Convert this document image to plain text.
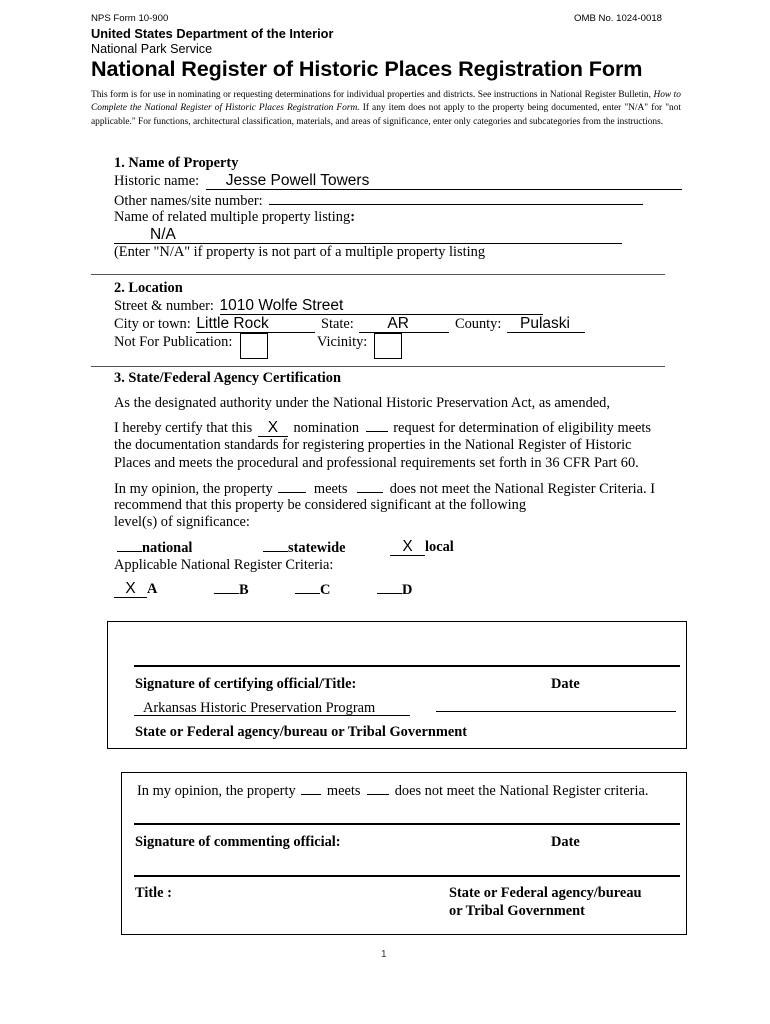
NPS Form 10-900	OMB No. 1024-0018
United States Department of the Interior
National Park Service
National Register of Historic Places Registration Form

This form is for use in nominating or requesting determinations for individual properties and districts. See instructions in National Register Bulletin, How to Complete the National Register of Historic Places Registration Form. If any item does not apply to the property being documented, enter "N/A" for "not applicable." For functions, architectural classification, materials, and areas of significance, enter only categories and subcategories from the instructions.

1. Name of Property
Historic name: Jesse Powell Towers
Other names/site number:
Name of related multiple property listing:
N/A
(Enter "N/A" if property is not part of a multiple property listing
2. Location
Street & number: 1010 Wolfe Street
City or town: Little Rock	State: AR	County: Pulaski
Not For Publication:	Vicinity:
3. State/Federal Agency Certification
As the designated authority under the National Historic Preservation Act, as amended,
I hereby certify that this X nomination request for determination of eligibility meets
the documentation standards for registering properties in the National Register of Historic
Places and meets the procedural and professional requirements set forth in 36 CFR Part 60.
In my opinion, the property	meets	does not meet the National Register Criteria. I
recommend that this property be considered significant at the following
level(s) of significance:
national	statewide	X local
Applicable National Register Criteria:
X A	B	C	D
Signature of certifying official/Title:	Date
Arkansas Historic Preservation Program
State or Federal agency/bureau or Tribal Government
In my opinion, the property meets does not meet the National Register criteria.
Signature of commenting official:	Date
Title :	State or Federal agency/bureau
or Tribal Government
1
